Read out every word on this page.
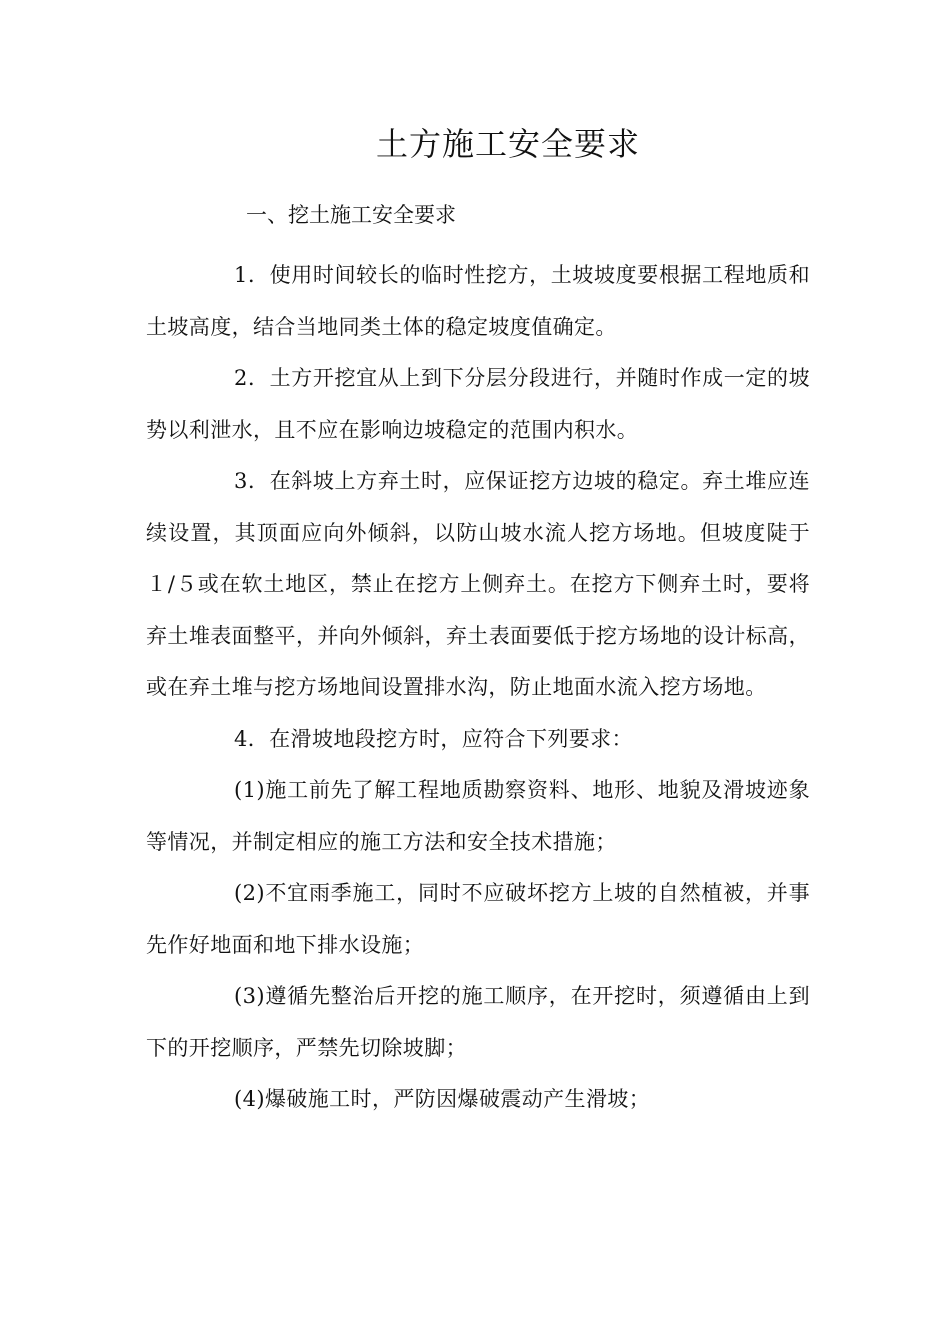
土方施工安全要求

一、挖土施工安全要求

1．使用时间较长的临时性挖方，土坡坡度要根据工程地质和土坡高度，结合当地同类土体的稳定坡度值确定。

2．土方开挖宜从上到下分层分段进行，并随时作成一定的坡势以利泄水，且不应在影响边坡稳定的范围内积水。

3．在斜坡上方弃土时，应保证挖方边坡的稳定。弃土堆应连续设置，其顶面应向外倾斜，以防山坡水流人挖方场地。但坡度陡于１/５或在软土地区，禁止在挖方上侧弃土。在挖方下侧弃土时，要将弃土堆表面整平，并向外倾斜，弃土表面要低于挖方场地的设计标高，或在弃土堆与挖方场地间设置排水沟，防止地面水流入挖方场地。

4．在滑坡地段挖方时，应符合下列要求：

(1)施工前先了解工程地质勘察资料、地形、地貌及滑坡迹象等情况，并制定相应的施工方法和安全技术措施；

(2)不宜雨季施工，同时不应破坏挖方上坡的自然植被，并事先作好地面和地下排水设施；

(3)遵循先整治后开挖的施工顺序，在开挖时，须遵循由上到下的开挖顺序，严禁先切除坡脚；

(4)爆破施工时，严防因爆破震动产生滑坡；
